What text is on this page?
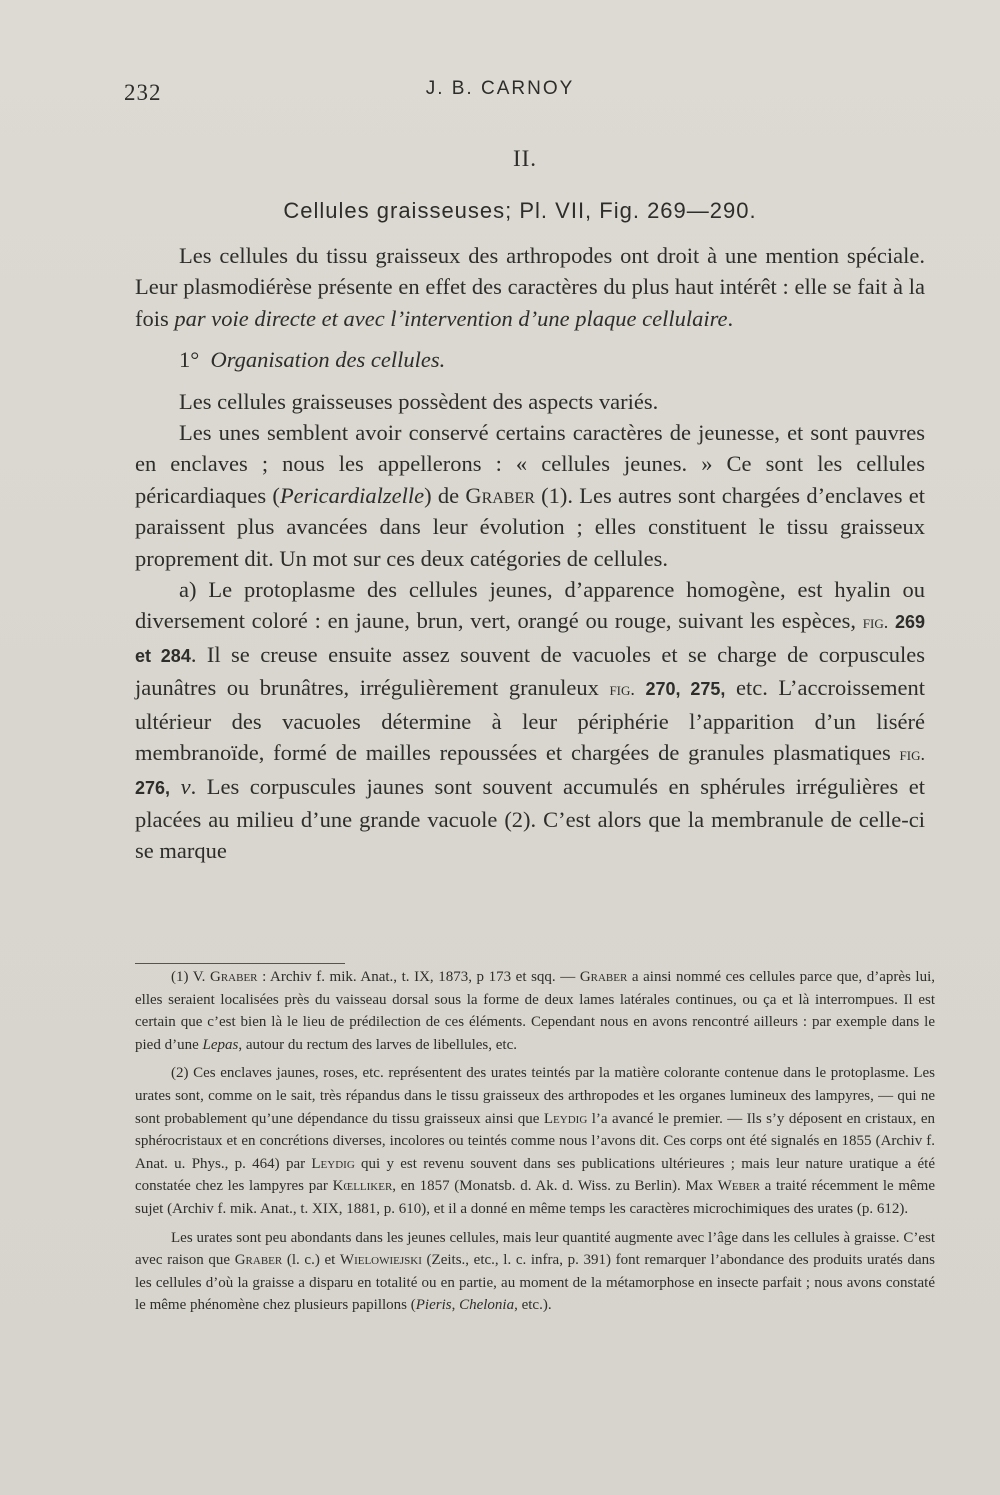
232	J. B. CARNOY
II.
Cellules graisseuses; Pl. VII, Fig. 269—290.

Les cellules du tissu graisseux des arthropodes ont droit à une mention spéciale. Leur plasmodiérèse présente en effet des caractères du plus haut intérêt : elle se fait à la fois par voie directe et avec l’intervention d’une plaque cellulaire.

1° Organisation des cellules.

Les cellules graisseuses possèdent des aspects variés.

Les unes semblent avoir conservé certains caractères de jeunesse, et sont pauvres en enclaves ; nous les appellerons : « cellules jeunes. » Ce sont les cellules péricardiaques (Pericardialzelle) de Graber (1). Les autres sont chargées d’enclaves et paraissent plus avancées dans leur évolution ; elles constituent le tissu graisseux proprement dit. Un mot sur ces deux catégories de cellules.

a) Le protoplasme des cellules jeunes, d’apparence homogène, est hyalin ou diversement coloré : en jaune, brun, vert, orangé ou rouge, suivant les espèces, fig. 269 et 284. Il se creuse ensuite assez souvent de vacuoles et se charge de corpuscules jaunâtres ou brunâtres, irrégulièrement granuleux fig. 270, 275, etc. L’accroissement ultérieur des vacuoles détermine à leur périphérie l’apparition d’un liséré membranoïde, formé de mailles repoussées et chargées de granules plasmatiques fig. 276, v. Les corpuscules jaunes sont souvent accumulés en sphérules irrégulières et placées au milieu d’une grande vacuole (2). C’est alors que la membranule de celle-ci se marque

(1) V. Graber : Archiv f. mik. Anat., t. IX, 1873, p 173 et sqq. — Graber a ainsi nommé ces cellules parce que, d’après lui, elles seraient localisées près du vaisseau dorsal sous la forme de deux lames latérales continues, ou ça et là interrompues. Il est certain que c’est bien là le lieu de prédilection de ces éléments. Cependant nous en avons rencontré ailleurs : par exemple dans le pied d’une Lepas, autour du rectum des larves de libellules, etc.

(2) Ces enclaves jaunes, roses, etc. représentent des urates teintés par la matière colorante contenue dans le protoplasme. Les urates sont, comme on le sait, très répandus dans le tissu graisseux des arthropodes et les organes lumineux des lampyres, — qui ne sont probablement qu’une dépendance du tissu graisseux ainsi que Leydig l’a avancé le premier. — Ils s’y déposent en cristaux, en sphérocristaux et en concrétions diverses, incolores ou teintés comme nous l’avons dit. Ces corps ont été signalés en 1855 (Archiv f. Anat. u. Phys., p. 464) par Leydig qui y est revenu souvent dans ses publications ultérieures ; mais leur nature uratique a été constatée chez les lampyres par Kœlliker, en 1857 (Monatsb. d. Ak. d. Wiss. zu Berlin). Max Weber a traité récemment le même sujet (Archiv f. mik. Anat., t. XIX, 1881, p. 610), et il a donné en même temps les caractères microchimiques des urates (p. 612).

Les urates sont peu abondants dans les jeunes cellules, mais leur quantité augmente avec l’âge dans les cellules à graisse. C’est avec raison que Graber (l. c.) et Wielowiejski (Zeits., etc., l. c. infra, p. 391) font remarquer l’abondance des produits uratés dans les cellules d’où la graisse a disparu en totalité ou en partie, au moment de la métamorphose en insecte parfait ; nous avons constaté le même phénomène chez plusieurs papillons (Pieris, Chelonia, etc.).
